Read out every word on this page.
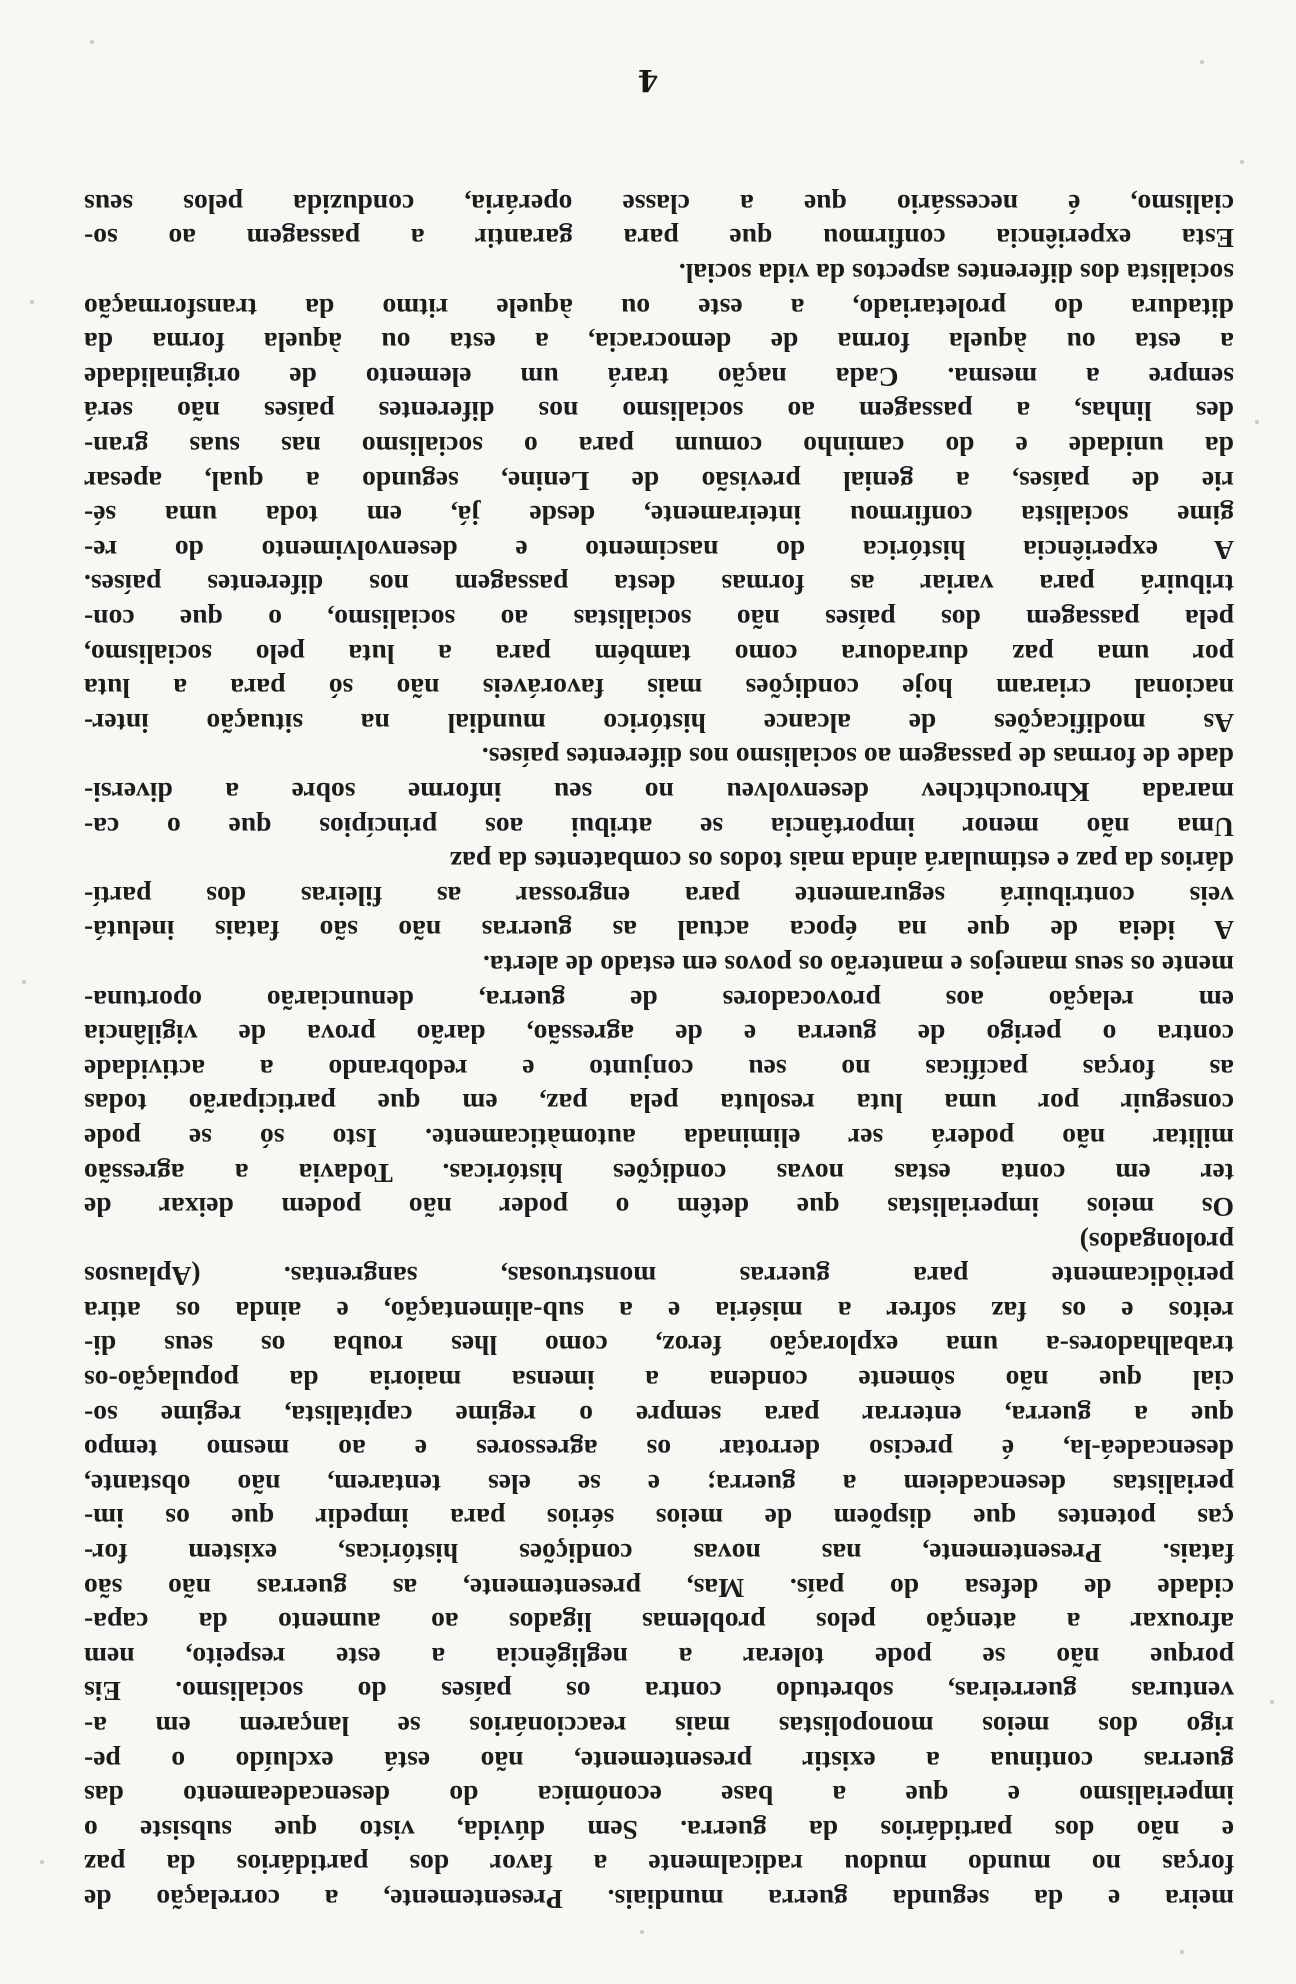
meira e da segunda guerra mundiais. Presentemente, a correlação de
forças no mundo mudou radicalmente a favor dos partidários da paz
e não dos partidários da guerra. Sem dúvida, visto que subsiste o
imperialismo e que a base económica do desencadeamento das
guerras continua a existir presentemente, não está excluído o pe-
rigo dos meios monopolistas mais reaccionários se lançarem em a-
venturas guerreiras, sobretudo contra os países do socialismo. Eis
porque não se pode tolerar a negligência a este respeito, nem
afrouxar a atenção pelos problemas ligados ao aumento da capa-
cidade de defesa do país. Mas, presentemente, as guerras não são
fatais. Presentemente, nas novas condições históricas, existem for-
ças potentes que dispõem de meios sérios para impedir que os im-
perialistas desencadeiem a guerra; e se eles tentarem, não obstante,
desencadeá-la, é preciso derrotar os agressores e ao mesmo tempo
que a guerra, enterrar para sempre o regime capitalista, regime so-
cial que não sòmente condena a imensa maioria da população-os
trabalhadores-a uma exploração feroz, como lhes rouba os seus di-
reitos e os faz sofrer a miséria e a sub-alimentação, e ainda os atira
periòdicamente para guerras monstruosas, sangrentas. (Aplausos
prolongados)
Os meios imperialistas que detêm o poder não podem deixar de
ter em conta estas novas condições históricas. Todavia a agressão
militar não poderá ser eliminada automàticamente. Isto só se pode
conseguir por uma luta resoluta pela paz, em que participarão todas
as forças pacíficas no seu conjunto e redobrando a actividade
contra o perigo de guerra e de agressão, darão prova de vigilância
em relação aos provocadores de guerra, denunciarão oportuna-
mente os seus manejos e manterão os povos em estado de alerta.
A ideia de que na época actual as guerras não são fatais inelutá-
veis contribuirá seguramente para engrossar as fileiras dos partí-
dários da paz e estimulará ainda mais todos os combatentes da paz
Uma não menor importância se atribui aos princípios que o ca-
marada Khrouchtchev desenvolveu no seu informe sobre a diversi-
dade de formas de passagem ao socialismo nos diferentes países.
As modificações de alcance histórico mundial na situação inter-
nacional criaram hoje condições mais favoráveis não só para a luta
por uma paz duradoura como também para a luta pelo socialismo,
pela passagem dos países não socialistas ao socialismo, o que con-
tribuirá para variar as formas desta passagem nos diferentes países.
A experiência histórica do nascimento e desenvolvimento do re-
gime socialista confirmou inteiramente, desde já, em toda uma sé-
rie de países, a genial previsão de Lenine, segundo a qual, apesar
da unidade e do caminho comum para o socialismo nas suas gran-
des linhas, a passagem ao socialismo nos diferentes países não será
sempre a mesma. Cada nação trará um elemento de originalidade
a esta ou àquela forma de democracia, a esta ou àquela forma da
ditadura do proletariado, a este ou àquele ritmo da transformação
socialista dos diferentes aspectos da vida social.
Esta experiência confirmou que para garantir a passagem ao so-
cialismo, é necessário que a classe operária, conduzida pelos seus
4
